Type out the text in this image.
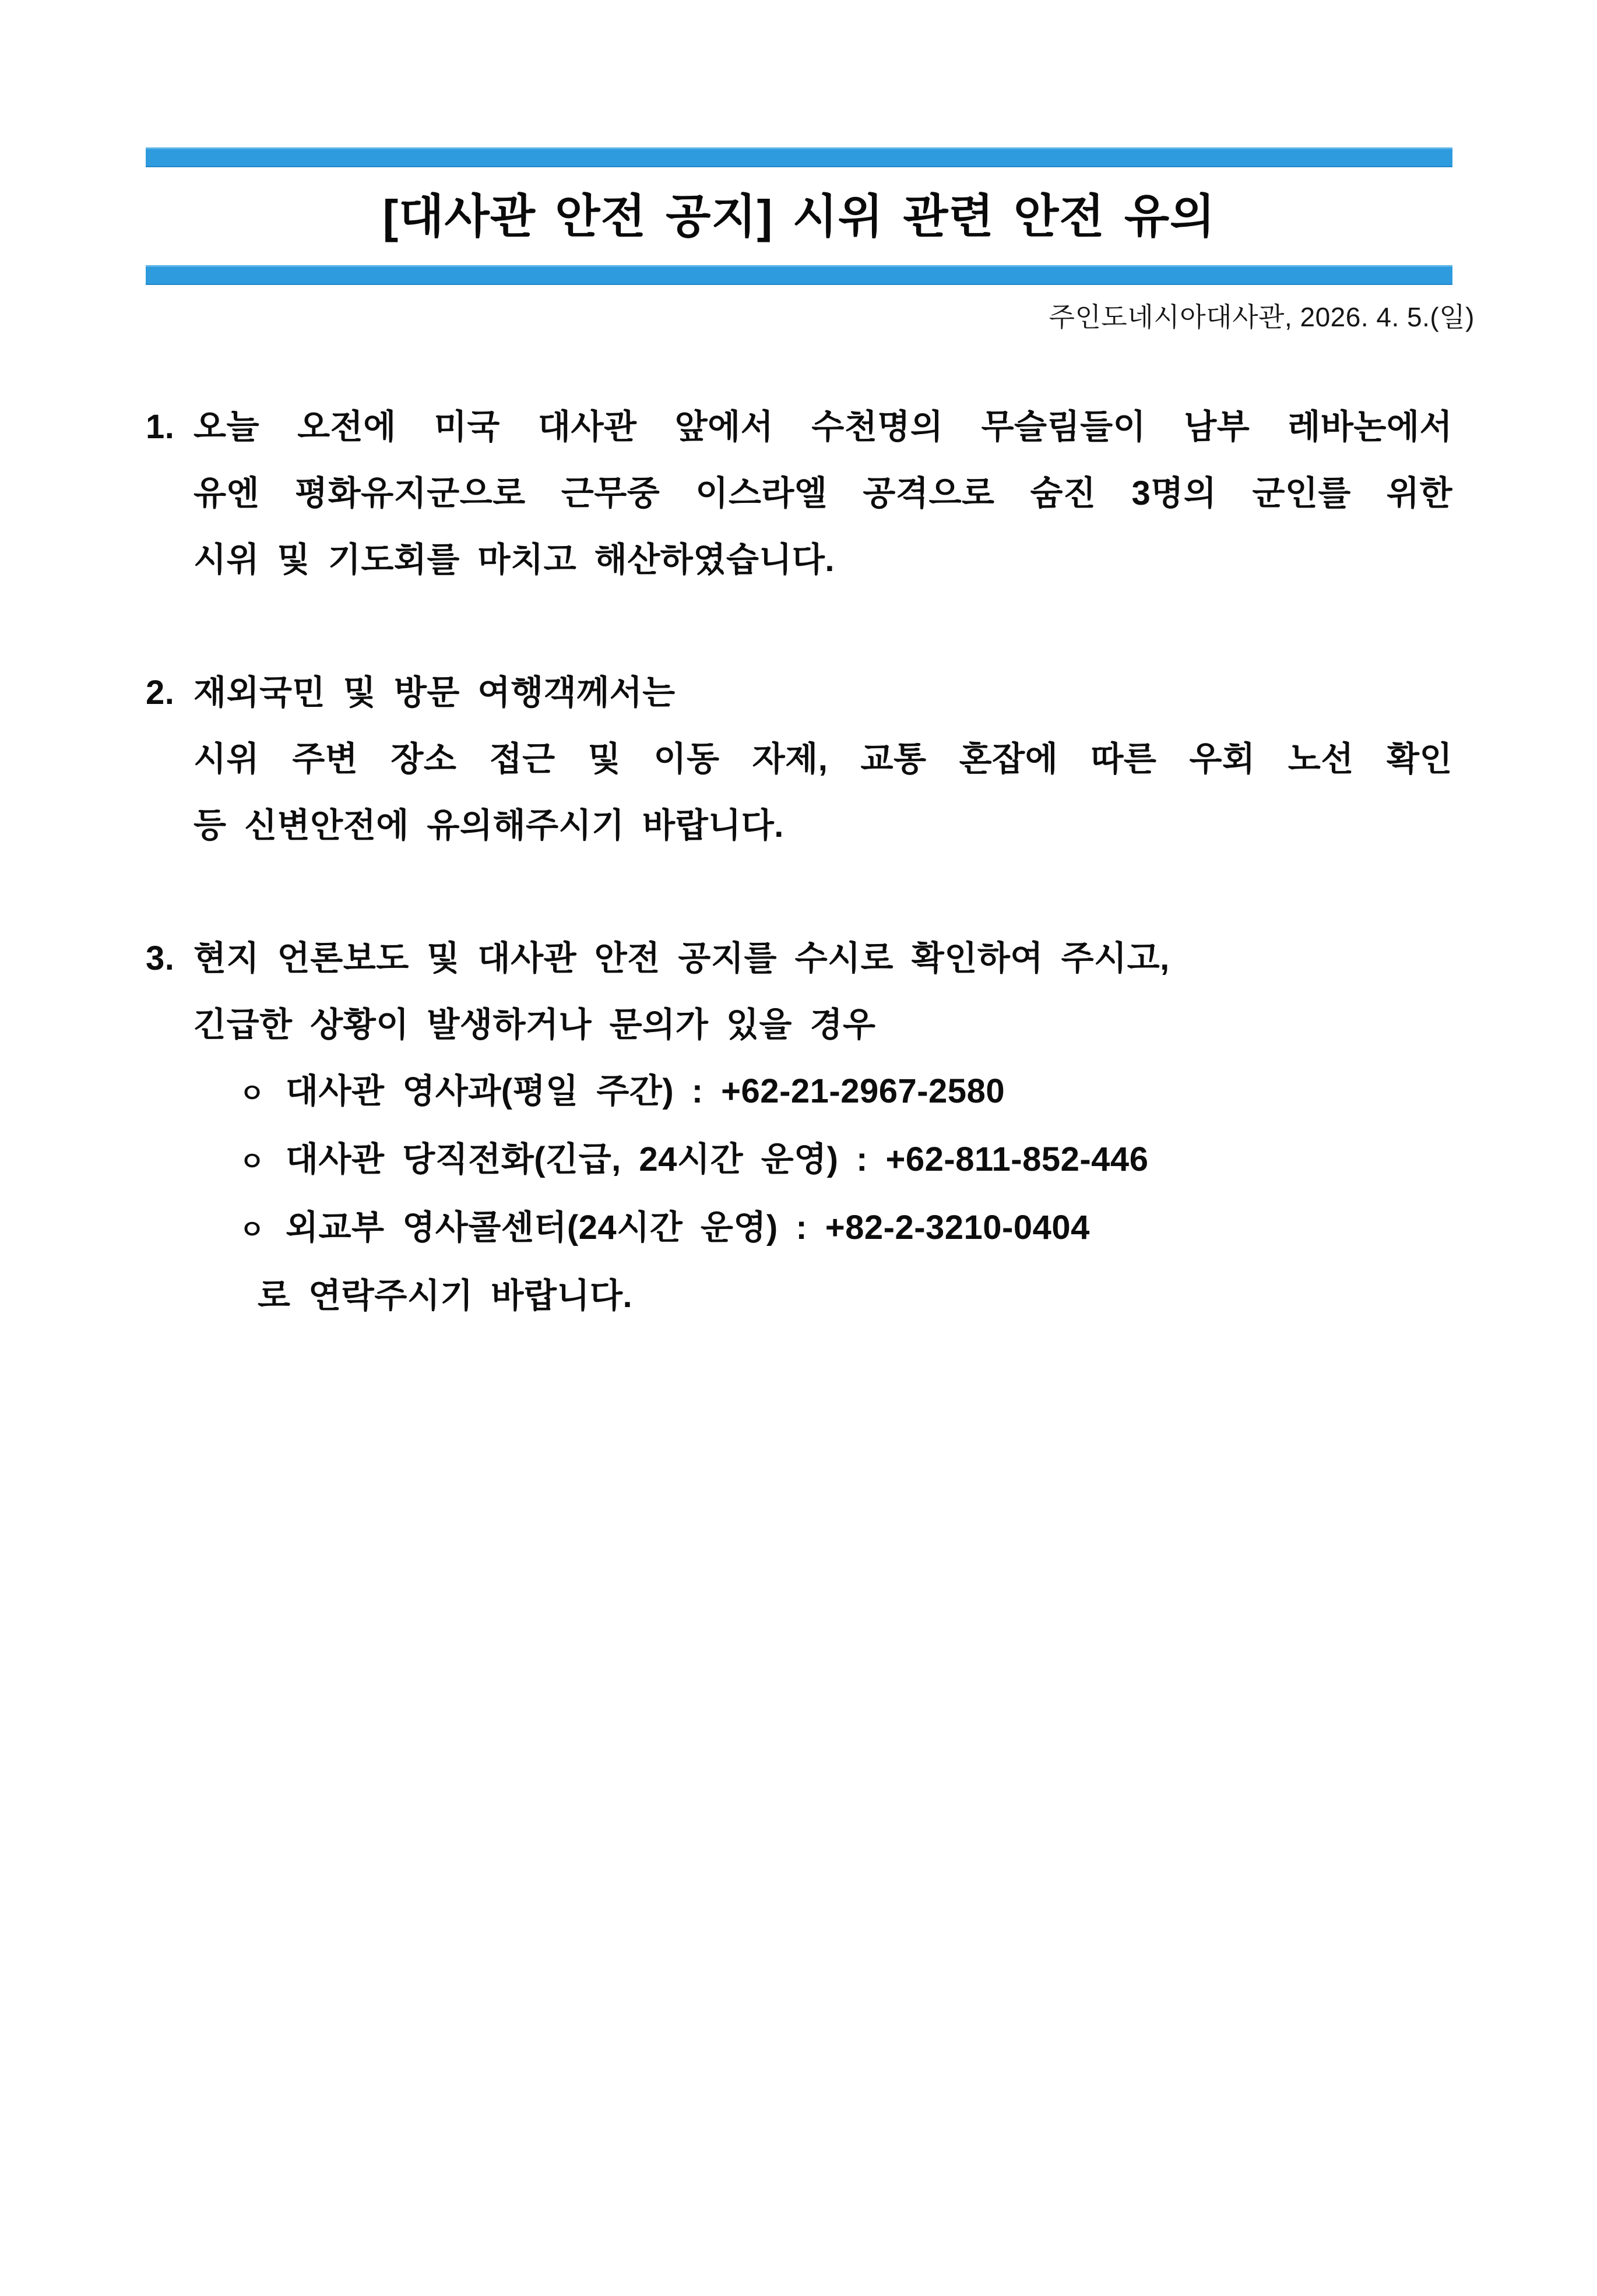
[대사관 안전 공지] 시위 관련 안전 유의
주인도네시아대사관, 2026. 4. 5.(일)
1. 오늘 오전에 미국 대사관 앞에서 수천명의 무슬림들이 남부 레바논에서
유엔 평화유지군으로 근무중 이스라엘 공격으로 숨진 3명의 군인를 위한
시위 및 기도회를 마치고 해산하였습니다.
2. 재외국민 및 방문 여행객께서는
시위 주변 장소 접근 및 이동 자제, 교통 혼잡에 따른 우회 노선 확인
등 신변안전에 유의해주시기 바랍니다.
3. 현지 언론보도 및 대사관 안전 공지를 수시로 확인하여 주시고,
긴급한 상황이 발생하거나 문의가 있을 경우
ㅇ 대사관 영사과(평일 주간) : +62-21-2967-2580
ㅇ 대사관 당직전화(긴급, 24시간 운영) : +62-811-852-446
ㅇ 외교부 영사콜센터(24시간 운영) : +82-2-3210-0404
로 연락주시기 바랍니다.
